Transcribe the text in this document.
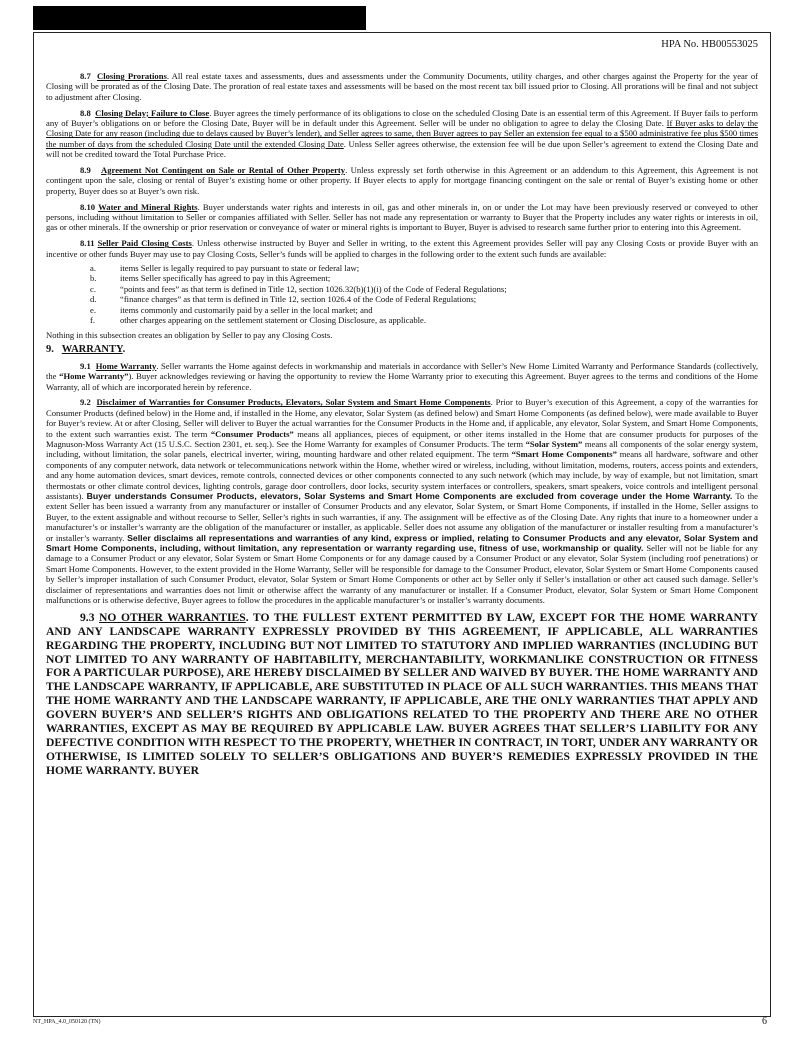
HPA No. HB00553025

8.7 Closing Prorations. All real estate taxes and assessments, dues and assessments under the Community Documents, utility charges, and other charges against the Property for the year of Closing will be prorated as of the Closing Date. The proration of real estate taxes and assessments will be based on the most recent tax bill issued prior to Closing. All prorations will be final and not subject to adjustment after Closing.

8.8 Closing Delay; Failure to Close. Buyer agrees the timely performance of its obligations to close on the scheduled Closing Date is an essential term of this Agreement. If Buyer fails to perform any of Buyer’s obligations on or before the Closing Date, Buyer will be in default under this Agreement. Seller will be under no obligation to agree to delay the Closing Date. If Buyer asks to delay the Closing Date for any reason (including due to delays caused by Buyer’s lender), and Seller agrees to same, then Buyer agrees to pay Seller an extension fee equal to a $500 administrative fee plus $500 times the number of days from the scheduled Closing Date until the extended Closing Date. Unless Seller agrees otherwise, the extension fee will be due upon Seller’s agreement to extend the Closing Date and will not be credited toward the Total Purchase Price.

8.9 Agreement Not Contingent on Sale or Rental of Other Property. Unless expressly set forth otherwise in this Agreement or an addendum to this Agreement, this Agreement is not contingent upon the sale, closing or rental of Buyer’s existing home or other property. If Buyer elects to apply for mortgage financing contingent on the sale or rental of Buyer’s existing home or other property, Buyer does so at Buyer’s own risk.

8.10 Water and Mineral Rights. Buyer understands water rights and interests in oil, gas and other minerals in, on or under the Lot may have been previously reserved or conveyed to other persons, including without limitation to Seller or companies affiliated with Seller. Seller has not made any representation or warranty to Buyer that the Property includes any water rights or interests in oil, gas or other minerals. If the ownership or prior reservation or conveyance of water or mineral rights is important to Buyer, Buyer is advised to research same further prior to entering into this Agreement.

8.11 Seller Paid Closing Costs. Unless otherwise instructed by Buyer and Seller in writing, to the extent this Agreement provides Seller will pay any Closing Costs or provide Buyer with an incentive or other funds Buyer may use to pay Closing Costs, Seller’s funds will be applied to charges in the following order to the extent such funds are available:

a.	items Seller is legally required to pay pursuant to state or federal law;
b.	items Seller specifically has agreed to pay in this Agreement;
c.	“points and fees” as that term is defined in Title 12, section 1026.32(b)(1)(i) of the Code of Federal Regulations;
d.	“finance charges” as that term is defined in Title 12, section 1026.4 of the Code of Federal Regulations;
e.	items commonly and customarily paid by a seller in the local market; and
f.	other charges appearing on the settlement statement or Closing Disclosure, as applicable.

Nothing in this subsection creates an obligation by Seller to pay any Closing Costs.

9. WARRANTY.

9.1 Home Warranty. Seller warrants the Home against defects in workmanship and materials in accordance with Seller’s New Home Limited Warranty and Performance Standards (collectively, the “Home Warranty”). Buyer acknowledges reviewing or having the opportunity to review the Home Warranty prior to executing this Agreement. Buyer agrees to the terms and conditions of the Home Warranty, all of which are incorporated herein by reference.

9.2 Disclaimer of Warranties for Consumer Products, Elevators, Solar System and Smart Home Components. Prior to Buyer’s execution of this Agreement, a copy of the warranties for Consumer Products (defined below) in the Home and, if installed in the Home, any elevator, Solar System (as defined below) and Smart Home Components (as defined below), were made available to Buyer for Buyer’s review. At or after Closing, Seller will deliver to Buyer the actual warranties for the Consumer Products in the Home and, if applicable, any elevator, Solar System, and Smart Home Components, to the extent such warranties exist. The term “Consumer Products” means all appliances, pieces of equipment, or other items installed in the Home that are consumer products for purposes of the Magnuson-Moss Warranty Act (15 U.S.C. Section 2301, et. seq.). See the Home Warranty for examples of Consumer Products. The term “Solar System” means all components of the solar energy system, including, without limitation, the solar panels, electrical inverter, wiring, mounting hardware and other related equipment. The term “Smart Home Components” means all hardware, software and other components of any computer network, data network or telecommunications network within the Home, whether wired or wireless, including, without limitation, modems, routers, access points and extenders, and any home automation devices, smart devices, remote controls, connected devices or other components connected to any such network (which may include, by way of example, but not limitation, smart thermostats or other climate control devices, lighting controls, garage door controllers, door locks, security system interfaces or controllers, speakers, smart speakers, voice controls and intelligent personal assistants). Buyer understands Consumer Products, elevators, Solar Systems and Smart Home Components are excluded from coverage under the Home Warranty. To the extent Seller has been issued a warranty from any manufacturer or installer of Consumer Products and any elevator, Solar System, or Smart Home Components, if installed in the Home, Seller assigns to Buyer, to the extent assignable and without recourse to Seller, Seller’s rights in such warranties, if any. The assignment will be effective as of the Closing Date. Any rights that inure to a homeowner under a manufacturer’s or installer’s warranty are the obligation of the manufacturer or installer, as applicable. Seller does not assume any obligation of the manufacturer or installer resulting from a manufacturer’s or installer’s warranty. Seller disclaims all representations and warranties of any kind, express or implied, relating to Consumer Products and any elevator, Solar System and Smart Home Components, including, without limitation, any representation or warranty regarding use, fitness of use, workmanship or quality. Seller will not be liable for any damage to a Consumer Product or any elevator, Solar System or Smart Home Components or for any damage caused by a Consumer Product or any elevator, Solar System (including roof penetrations) or Smart Home Components. However, to the extent provided in the Home Warranty, Seller will be responsible for damage to the Consumer Product, elevator, Solar System or Smart Home Components caused by Seller’s improper installation of such Consumer Product, elevator, Solar System or Smart Home Components or other act by Seller only if Seller’s installation or other act caused such damage. Seller’s disclaimer of representations and warranties does not limit or otherwise affect the warranty of any manufacturer or installer. If a Consumer Product, elevator, Solar System or Smart Home Component malfunctions or is otherwise defective, Buyer agrees to follow the procedures in the applicable manufacturer’s or installer’s warranty documents.

9.3 NO OTHER WARRANTIES. TO THE FULLEST EXTENT PERMITTED BY LAW, EXCEPT FOR THE HOME WARRANTY AND ANY LANDSCAPE WARRANTY EXPRESSLY PROVIDED BY THIS AGREEMENT, IF APPLICABLE, ALL WARRANTIES REGARDING THE PROPERTY, INCLUDING BUT NOT LIMITED TO STATUTORY AND IMPLIED WARRANTIES (INCLUDING BUT NOT LIMITED TO ANY WARRANTY OF HABITABILITY, MERCHANTABILITY, WORKMANLIKE CONSTRUCTION OR FITNESS FOR A PARTICULAR PURPOSE), ARE HEREBY DISCLAIMED BY SELLER AND WAIVED BY BUYER. THE HOME WARRANTY AND THE LANDSCAPE WARRANTY, IF APPLICABLE, ARE SUBSTITUTED IN PLACE OF ALL SUCH WARRANTIES. THIS MEANS THAT THE HOME WARRANTY AND THE LANDSCAPE WARRANTY, IF APPLICABLE, ARE THE ONLY WARRANTIES THAT APPLY AND GOVERN BUYER’S AND SELLER’S RIGHTS AND OBLIGATIONS RELATED TO THE PROPERTY AND THERE ARE NO OTHER WARRANTIES, EXCEPT AS MAY BE REQUIRED BY APPLICABLE LAW. BUYER AGREES THAT SELLER’S LIABILITY FOR ANY DEFECTIVE CONDITION WITH RESPECT TO THE PROPERTY, WHETHER IN CONTRACT, IN TORT, UNDER ANY WARRANTY OR OTHERWISE, IS LIMITED SOLELY TO SELLER’S OBLIGATIONS AND BUYER’S REMEDIES EXPRESSLY PROVIDED IN THE HOME WARRANTY. BUYER

NT_HPA_4.0_050120 (TN)	6
